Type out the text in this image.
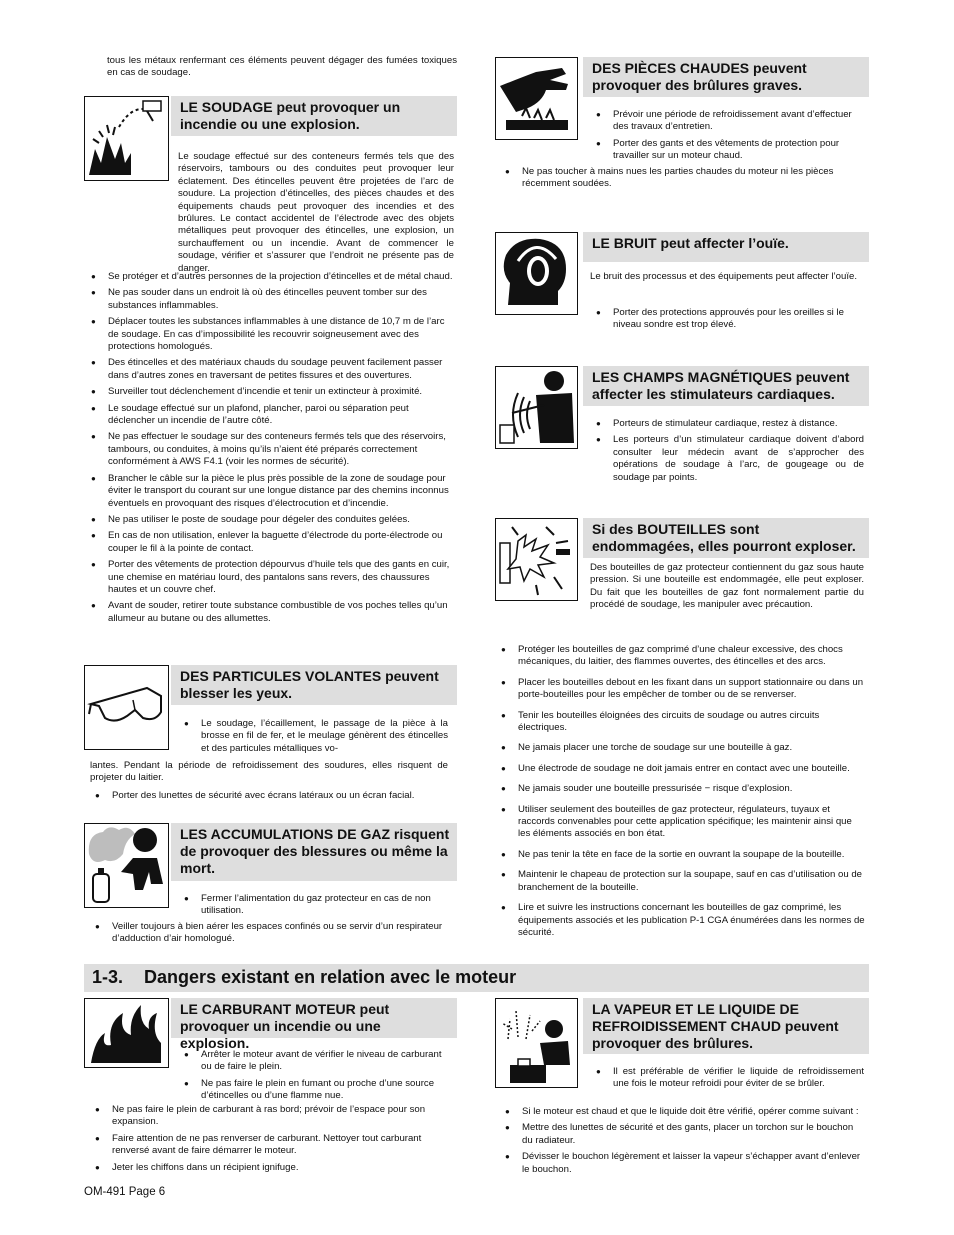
tous les métaux renfermant ces éléments peuvent dégager des fumées toxiques en cas de soudage.
LE SOUDAGE peut provoquer un incendie ou une explosion.
Le soudage effectué sur des conteneurs fermés tels que des réservoirs, tambours ou des conduites peut provoquer leur éclatement. Des étincelles peuvent être projetées de l’arc de soudure. La projection d’étincelles, des pièces chaudes et des équipements chauds peut provoquer des incendies et des brûlures. Le contact accidentel de l’électrode avec des objets métalliques peut provoquer des étincelles, une explosion, un surchauffement ou un incendie. Avant de commencer le soudage, vérifier et s’assurer que l’endroit ne présente pas de danger.
● Se protéger et d’autres personnes de la projection d’étincelles et de métal chaud.
● Ne pas souder dans un endroit là où des étincelles peuvent tomber sur des substances inflammables.
● Déplacer toutes les substances inflammables à une distance de 10,7 m de l’arc de soudage. En cas d’impossibilité les recouvrir soigneusement avec des protections homologués.
● Des étincelles et des matériaux chauds du soudage peuvent facilement passer dans d’autres zones en traversant de petites fissures et des ouvertures.
● Surveiller tout déclenchement d’incendie et tenir un extincteur à proximité.
● Le soudage effectué sur un plafond, plancher, paroi ou séparation peut déclencher un incendie de l’autre côté.
● Ne pas effectuer le soudage sur des conteneurs fermés tels que des réservoirs, tambours, ou conduites, à moins qu’ils n’aient été préparés correctement conformément à AWS F4.1 (voir les normes de sécurité).
● Brancher le câble sur la pièce le plus près possible de la zone de soudage pour éviter le transport du courant sur une longue distance par des chemins inconnus éventuels en provoquant des risques d’électrocution et d’incendie.
● Ne pas utiliser le poste de soudage pour dégeler des conduites gelées.
● En cas de non utilisation, enlever la baguette d’électrode du porte-électrode ou couper le fil à la pointe de contact.
● Porter des vêtements de protection dépourvus d’huile tels que des gants en cuir, une chemise en matériau lourd, des pantalons sans revers, des chaussures hautes et un couvre chef.
● Avant de souder, retirer toute substance combustible de vos poches telles qu’un allumeur au butane ou des allumettes.
DES PARTICULES VOLANTES peuvent blesser les yeux.
● Le soudage, l’écaillement, le passage de la pièce à la brosse en fil de fer, et le meulage génèrent des étincelles et des particules métalliques vo-
lantes. Pendant la période de refroidissement des soudures, elles risquent de projeter du laitier.
● Porter des lunettes de sécurité avec écrans latéraux ou un écran facial.
LES ACCUMULATIONS DE GAZ risquent de provoquer des blessures ou même la mort.
● Fermer l’alimentation du gaz protecteur en cas de non utilisation.
● Veiller toujours à bien aérer les espaces confinés ou se servir d’un respirateur d’adduction d’air homologué.
DES PIÈCES CHAUDES peuvent provoquer des brûlures graves.
● Prévoir une période de refroidissement avant d’effectuer des travaux d’entretien.
● Porter des gants et des vêtements de protection pour travailler sur un moteur chaud.
● Ne pas toucher à mains nues les parties chaudes du moteur ni les pièces récemment soudées.
LE BRUIT peut affecter l’ouïe.
Le bruit des processus et des équipements peut affecter l’ouïe.
● Porter des protections approuvés pour les oreilles si le niveau sondre est trop élevé.
LES CHAMPS MAGNÉTIQUES peuvent affecter les stimulateurs cardiaques.
● Porteurs de stimulateur cardiaque, restez à distance.
● Les porteurs d’un stimulateur cardiaque doivent d’abord consulter leur médecin avant de s’approcher des opérations de soudage à l’arc, de gougeage ou de soudage par points.
Si des BOUTEILLES sont endommagées, elles pourront exploser.
Des bouteilles de gaz protecteur contiennent du gaz sous haute pression. Si une bouteille est endommagée, elle peut exploser. Du fait que les bouteilles de gaz font normalement partie du procédé de soudage, les manipuler avec précaution.
● Protéger les bouteilles de gaz comprimé d’une chaleur excessive, des chocs mécaniques, du laitier, des flammes ouvertes, des étincelles et des arcs.
● Placer les bouteilles debout en les fixant dans un support stationnaire ou dans un porte-bouteilles pour les empêcher de tomber ou de se renverser.
● Tenir les bouteilles éloignées des circuits de soudage ou autres circuits électriques.
● Ne jamais placer une torche de soudage sur une bouteille à gaz.
● Une électrode de soudage ne doit jamais entrer en contact avec une bouteille.
● Ne jamais souder une bouteille pressurisée − risque d’explosion.
● Utiliser seulement des bouteilles de gaz protecteur, régulateurs, tuyaux et raccords convenables pour cette application spécifique; les maintenir ainsi que les éléments associés en bon état.
● Ne pas tenir la tête en face de la sortie en ouvrant la soupape de la bouteille.
● Maintenir le chapeau de protection sur la soupape, sauf en cas d’utilisation ou de branchement de la bouteille.
● Lire et suivre les instructions concernant les bouteilles de gaz comprimé, les équipements associés et les publication P-1 CGA énumérées dans les normes de sécurité.
1-3. Dangers existant en relation avec le moteur
LE CARBURANT MOTEUR peut provoquer un incendie ou une explosion.
● Arrêter le moteur avant de vérifier le niveau de carburant ou de faire le plein.
● Ne pas faire le plein en fumant ou proche d’une source d’étincelles ou d’une flamme nue.
● Ne pas faire le plein de carburant à ras bord; prévoir de l’espace pour son expansion.
● Faire attention de ne pas renverser de carburant. Nettoyer tout carburant renversé avant de faire démarrer le moteur.
● Jeter les chiffons dans un récipient ignifuge.
LA VAPEUR ET LE LIQUIDE DE REFROIDISSEMENT CHAUD peuvent provoquer des brûlures.
● Il est préférable de vérifier le liquide de refroidissement une fois le moteur refroidi pour éviter de se brûler.
● Si le moteur est chaud et que le liquide doit être vérifié, opérer comme suivant :
● Mettre des lunettes de sécurité et des gants, placer un torchon sur le bouchon du radiateur.
● Dévisser le bouchon légèrement et laisser la vapeur s’échapper avant d’enlever le bouchon.
OM-491 Page 6
